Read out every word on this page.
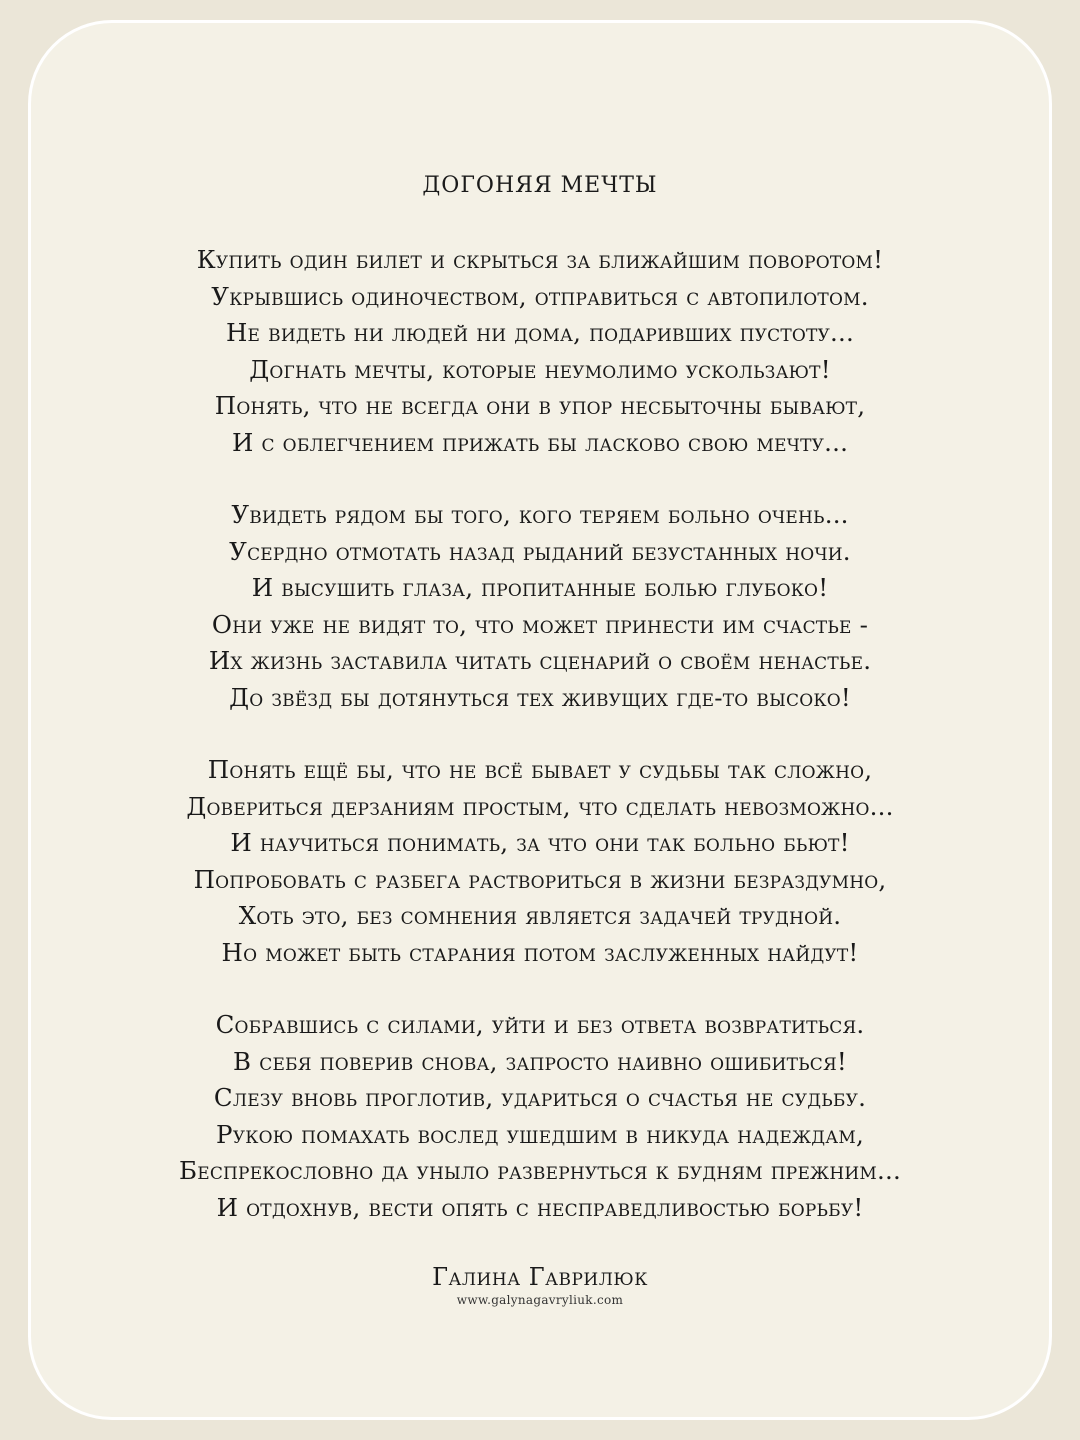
ДОГОНЯЯ МЕЧТЫ
Купить один билет и скрыться за ближайшим поворотом!
Укрывшись одиночеством, отправиться с автопилотом.
Не видеть ни людей ни дома, подаривших пустоту...
Догнать мечты, которые неумолимо ускользают!
Понять, что не всегда они в упор несбыточны бывают,
И с облегчением прижать бы ласково свою мечту...
Увидеть рядом бы того, кого теряем больно очень...
Усердно отмотать назад рыданий безустанных ночи.
И высушить глаза, пропитанные болью глубоко!
Они уже не видят то, что может принести им счастье -
Их жизнь заставила читать сценарий о своём ненастье.
До звёзд бы дотянуться тех живущих где-то высоко!
Понять ещё бы, что не всё бывает у судьбы так сложно,
Довериться дерзаниям простым, что сделать невозможно...
И научиться понимать, за что они так больно бьют!
Попробовать с разбега раствориться в жизни безраздумно,
Хоть это, без сомнения является задачей трудной.
Но может быть старания потом заслуженных найдут!
Собравшись с силами, уйти и без ответа возвратиться.
В себя поверив снова, запросто наивно ошибиться!
Слезу вновь проглотив, удариться о счастья не судьбу.
Рукою помахать вослед ушедшим в никуда надеждам,
Беспрекословно да уныло развернуться к будням прежним...
И отдохнув, вести опять с несправедливостью борьбу!
Галина Гаврилюк
www.galynagavryliuk.com
